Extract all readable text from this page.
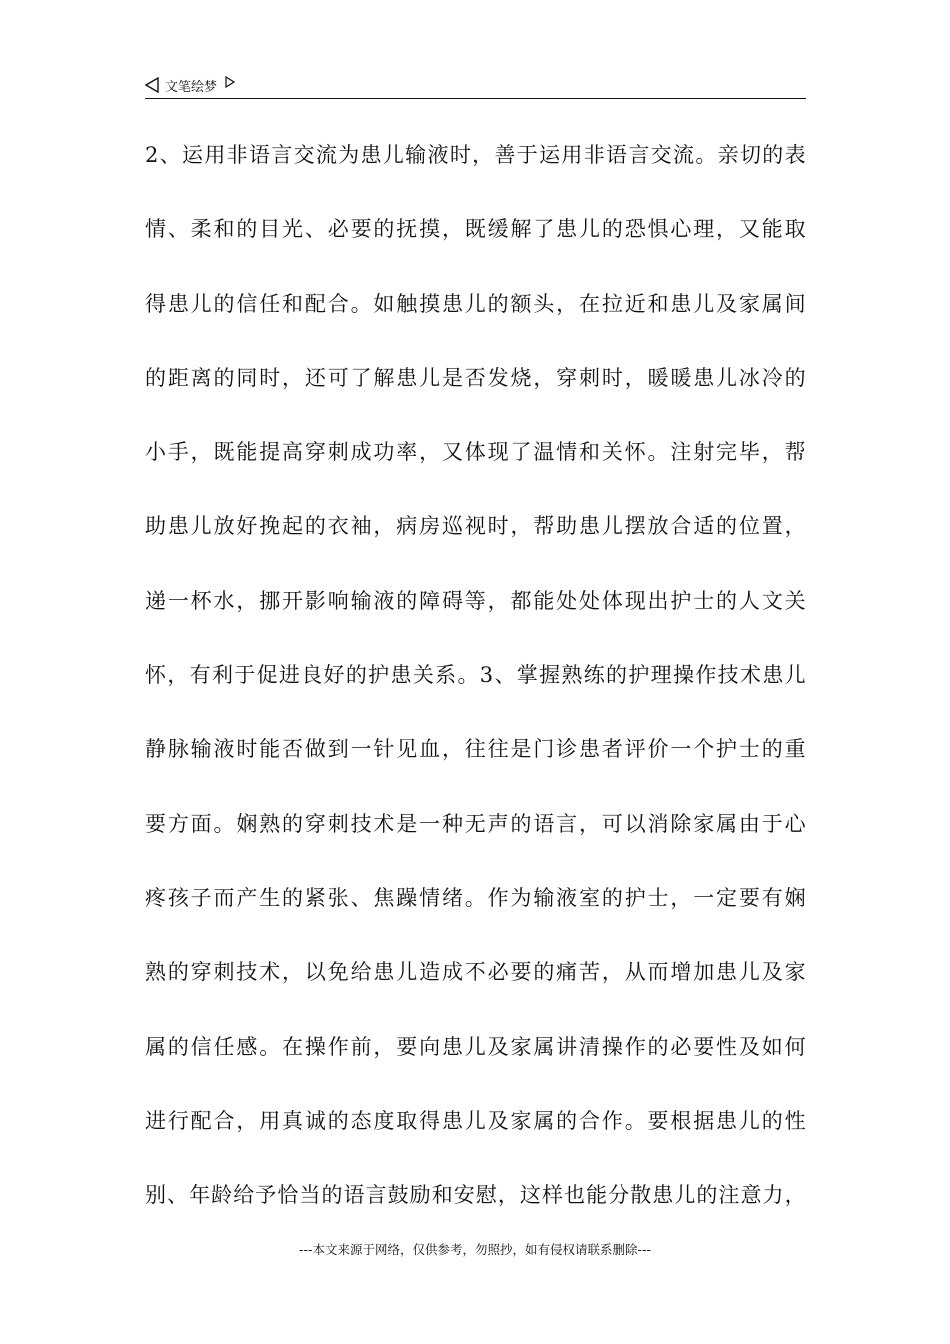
文笔绘梦
2、运用非语言交流为患儿输液时，善于运用非语言交流。亲切的表
情、柔和的目光、必要的抚摸，既缓解了患儿的恐惧心理，又能取
得患儿的信任和配合。如触摸患儿的额头，在拉近和患儿及家属间
的距离的同时，还可了解患儿是否发烧，穿刺时，暖暖患儿冰冷的
小手，既能提高穿刺成功率，又体现了温情和关怀。注射完毕，帮
助患儿放好挽起的衣袖，病房巡视时，帮助患儿摆放合适的位置，
递一杯水，挪开影响输液的障碍等，都能处处体现出护士的人文关
怀，有利于促进良好的护患关系。3、掌握熟练的护理操作技术患儿
静脉输液时能否做到一针见血，往往是门诊患者评价一个护士的重
要方面。娴熟的穿刺技术是一种无声的语言，可以消除家属由于心
疼孩子而产生的紧张、焦躁情绪。作为输液室的护士，一定要有娴
熟的穿刺技术，以免给患儿造成不必要的痛苦，从而增加患儿及家
属的信任感。在操作前，要向患儿及家属讲清操作的必要性及如何
进行配合，用真诚的态度取得患儿及家属的合作。要根据患儿的性
别、年龄给予恰当的语言鼓励和安慰，这样也能分散患儿的注意力，
---本文来源于网络，仅供参考，勿照抄，如有侵权请联系删除---
